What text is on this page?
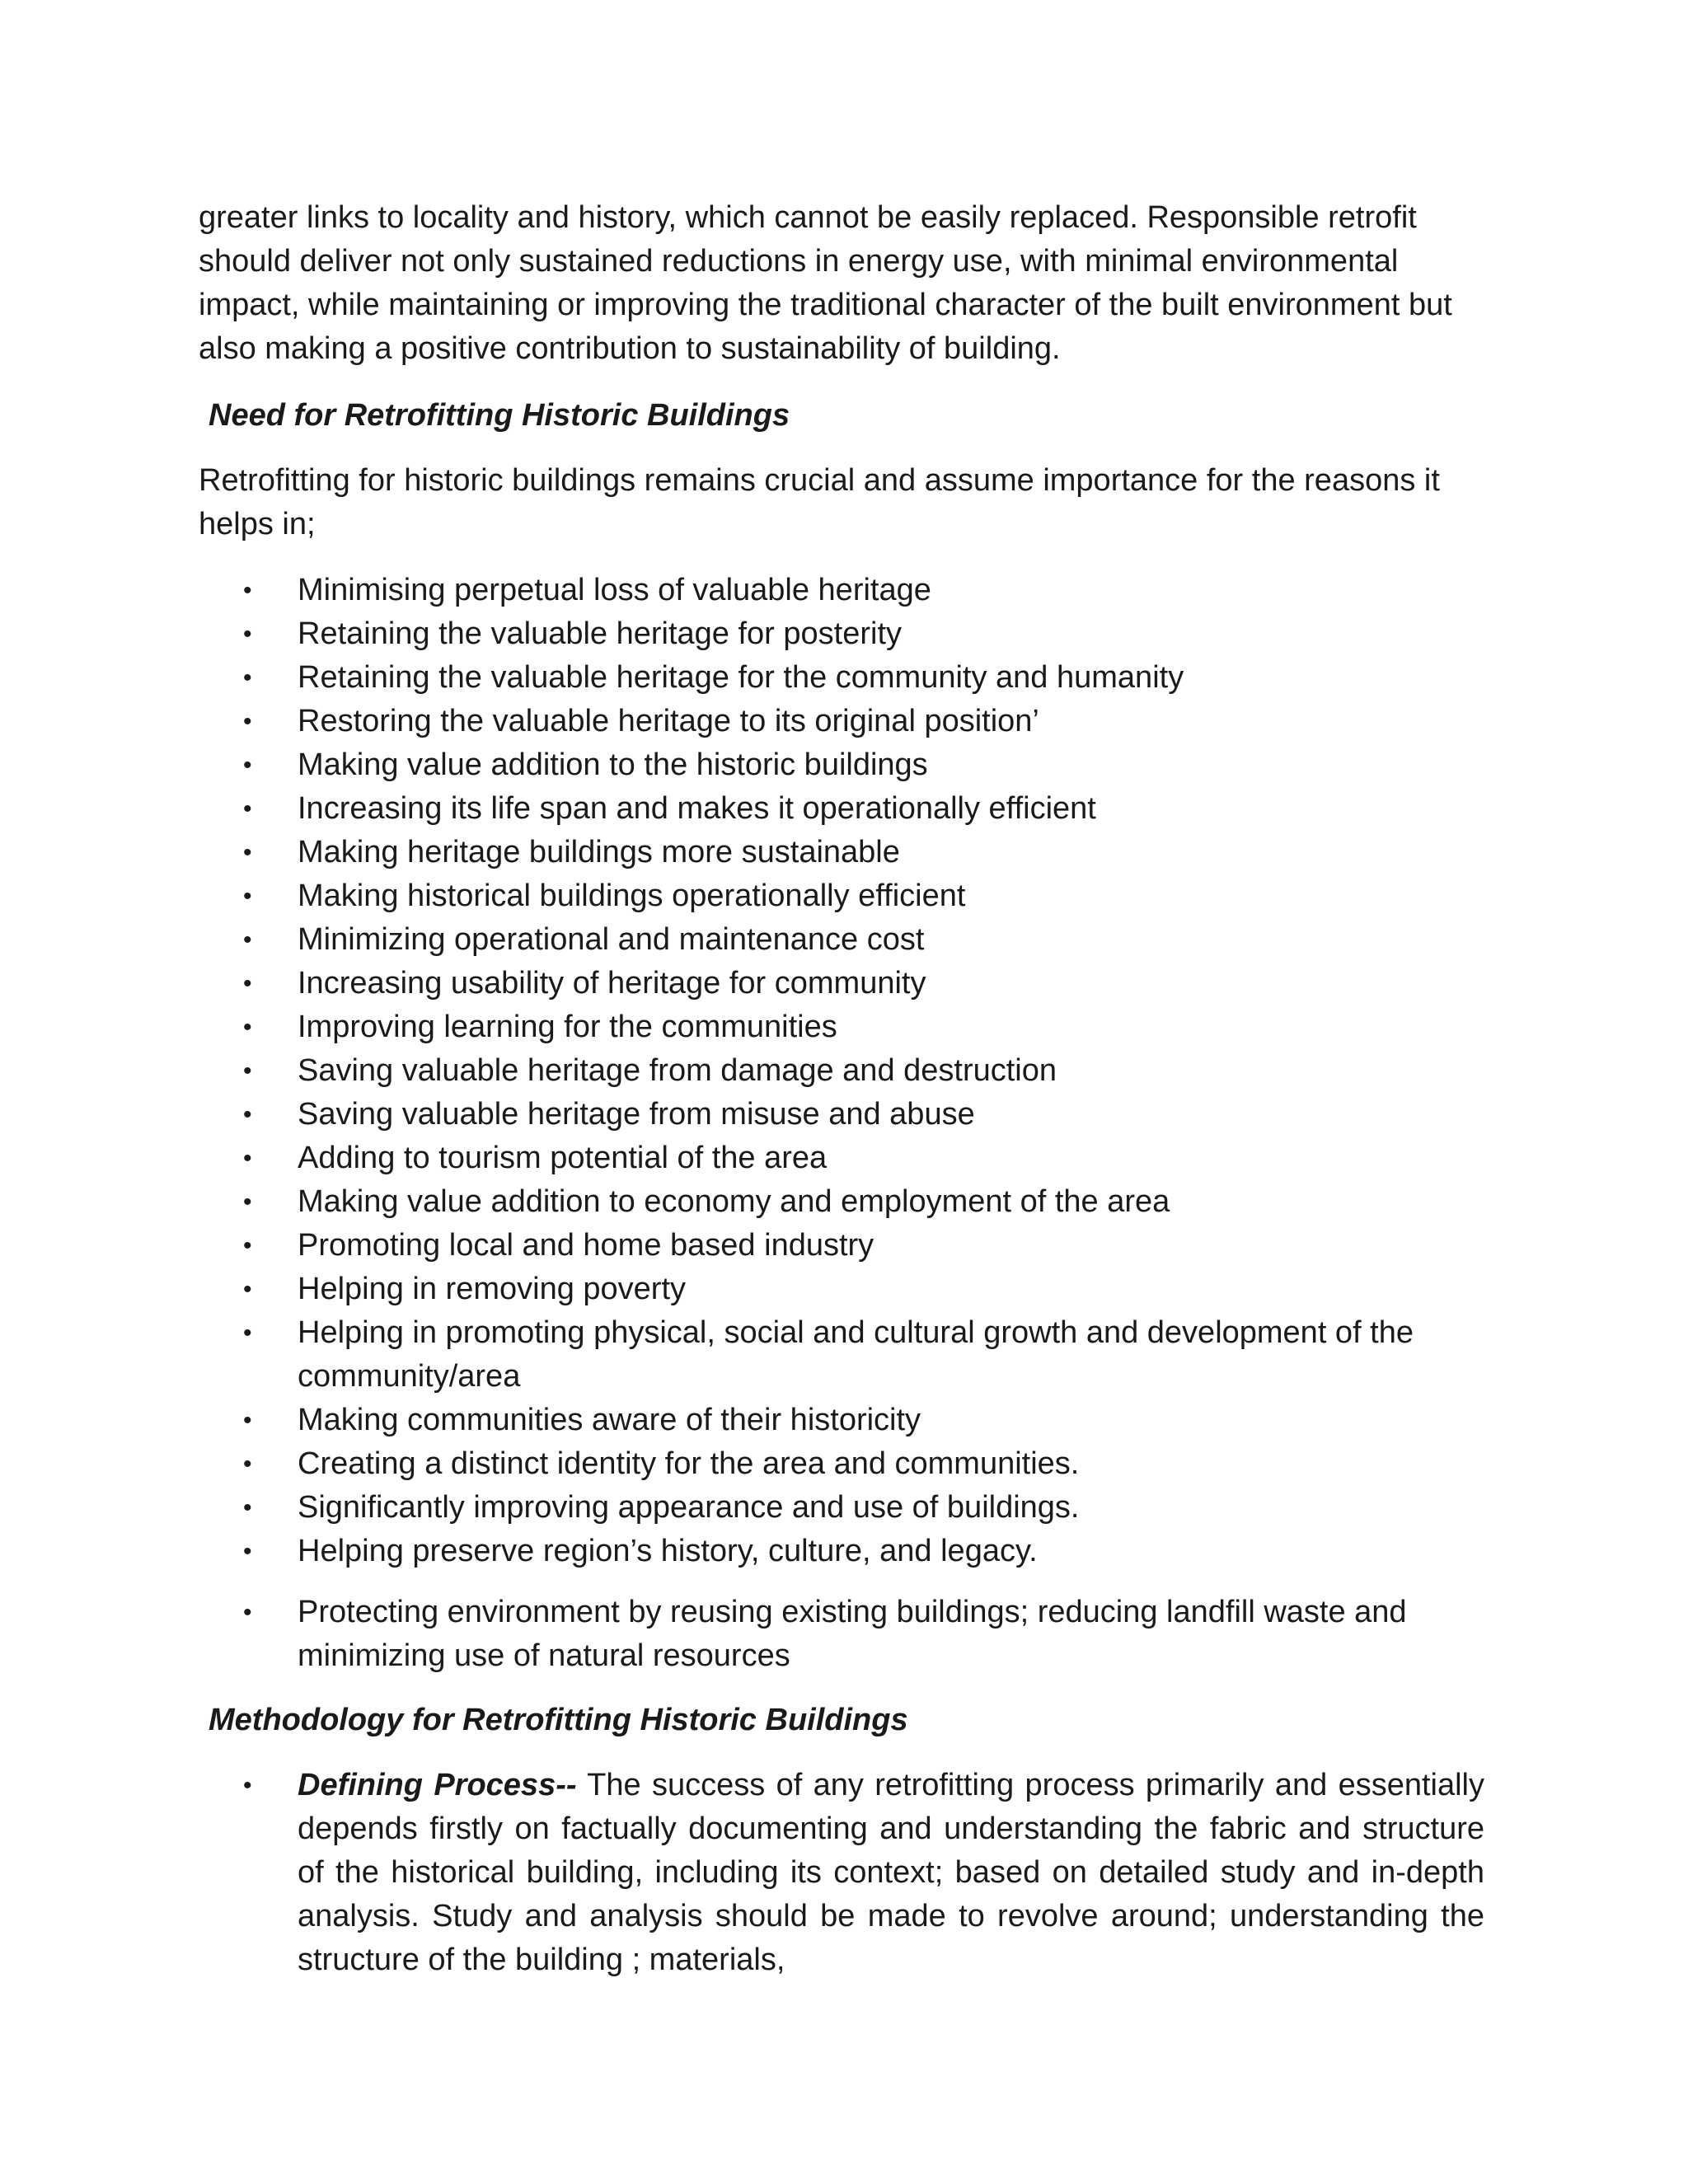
greater links to locality and history, which cannot be easily replaced. Responsible retrofit should deliver not only sustained reductions in energy use, with minimal environmental impact, while maintaining or improving the traditional character of the built environment but also making a positive contribution to sustainability of building.

Need for Retrofitting Historic Buildings

Retrofitting for historic buildings remains crucial and assume importance for the reasons it helps in;

• Minimising perpetual loss of valuable heritage
• Retaining the valuable heritage for posterity
• Retaining the valuable heritage for the community and humanity
• Restoring the valuable heritage to its original position’
• Making value addition to the historic buildings
• Increasing its life span and makes it operationally efficient
• Making heritage buildings more sustainable
• Making historical buildings operationally efficient
• Minimizing operational and maintenance cost
• Increasing usability of heritage for community
• Improving learning for the communities
• Saving valuable heritage from damage and destruction
• Saving valuable heritage from misuse and abuse
• Adding to tourism potential of the area
• Making value addition to economy and employment of the area
• Promoting local and home based industry
• Helping in removing poverty
• Helping in promoting physical, social and cultural growth and development of the community/area
• Making communities aware of their historicity
• Creating a distinct identity for the area and communities.
• Significantly improving appearance and use of buildings.
• Helping preserve region’s history, culture, and legacy.
• Protecting environment by reusing existing buildings; reducing landfill waste and minimizing use of natural resources
Methodology for Retrofitting Historic Buildings
• Defining Process-- The success of any retrofitting process primarily and essentially depends firstly on factually documenting and understanding the fabric and structure of the historical building, including its context; based on detailed study and in-depth analysis. Study and analysis should be made to revolve around; understanding the structure of the building ; materials,
